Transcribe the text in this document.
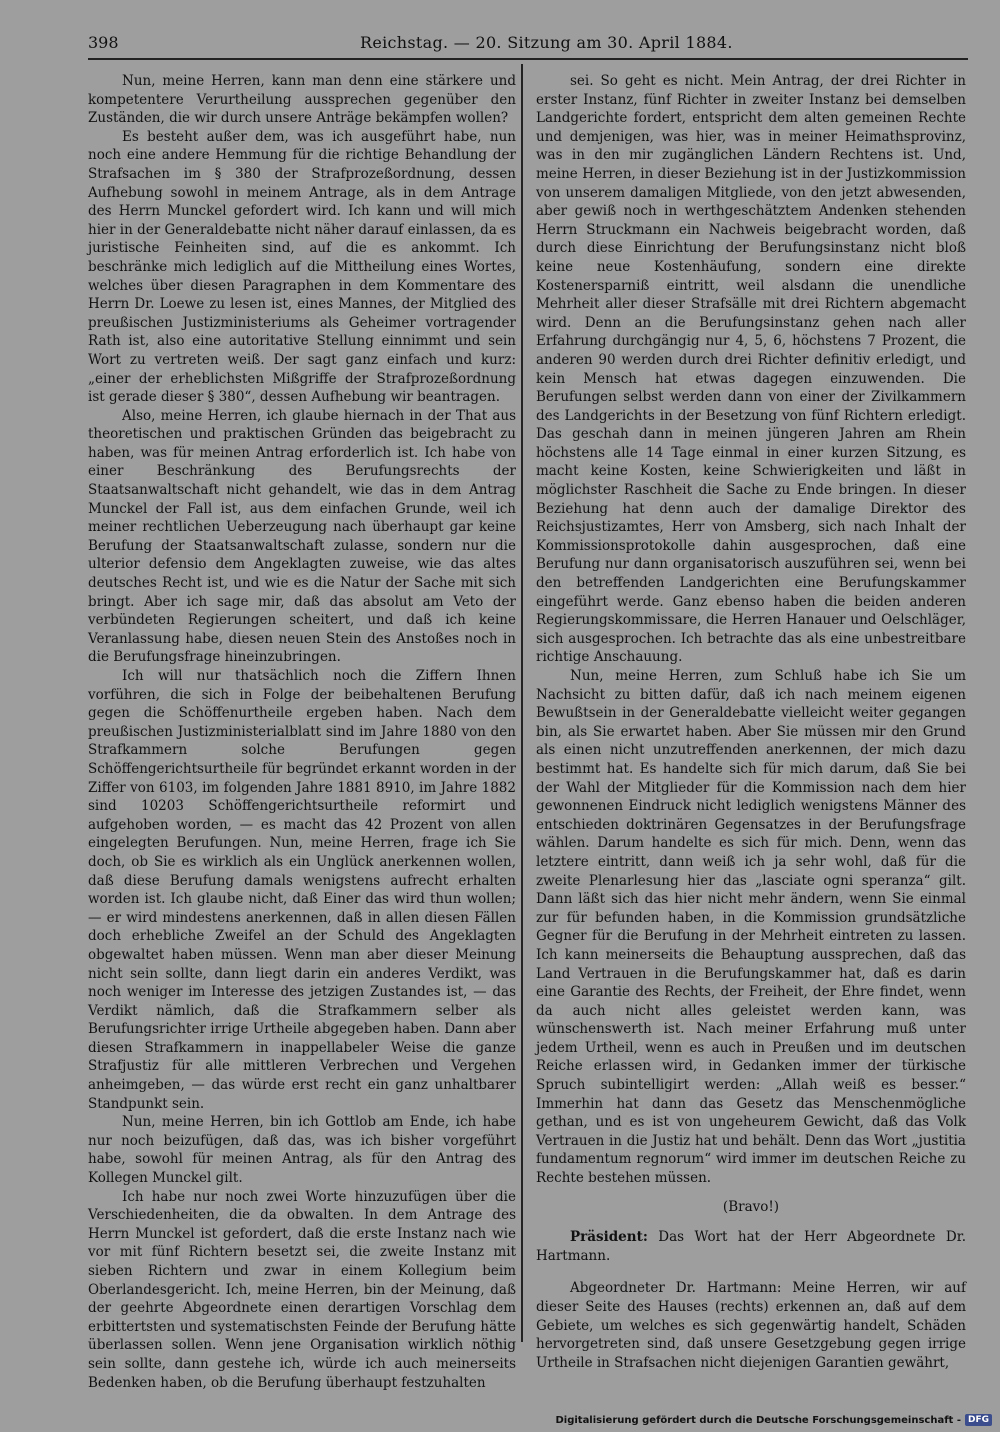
398	Reichstag. — 20. Sitzung am 30. April 1884.

Nun, meine Herren, kann man denn eine stärkere und kompetentere Verurtheilung aussprechen gegenüber den Zuständen, die wir durch unsere Anträge bekämpfen wollen?

Es besteht außer dem, was ich ausgeführt habe, nun noch eine andere Hemmung für die richtige Behandlung der Strafsachen im § 380 der Strafprozeßordnung, dessen Aufhebung sowohl in meinem Antrage, als in dem Antrage des Herrn Munckel gefordert wird. Ich kann und will mich hier in der Generaldebatte nicht näher darauf einlassen, da es juristische Feinheiten sind, auf die es ankommt. Ich beschränke mich lediglich auf die Mittheilung eines Wortes, welches über diesen Paragraphen in dem Kommentare des Herrn Dr. Loewe zu lesen ist, eines Mannes, der Mitglied des preußischen Justizministeriums als Geheimer vortragender Rath ist, also eine autoritative Stellung einnimmt und sein Wort zu vertreten weiß. Der sagt ganz einfach und kurz: „einer der erheblichsten Mißgriffe der Strafprozeßordnung ist gerade dieser § 380“, dessen Aufhebung wir beantragen.

Also, meine Herren, ich glaube hiernach in der That aus theoretischen und praktischen Gründen das beigebracht zu haben, was für meinen Antrag erforderlich ist. Ich habe von einer Beschränkung des Berufungsrechts der Staatsanwaltschaft nicht gehandelt, wie das in dem Antrag Munckel der Fall ist, aus dem einfachen Grunde, weil ich meiner rechtlichen Ueberzeugung nach überhaupt gar keine Berufung der Staatsanwaltschaft zulasse, sondern nur die ulterior defensio dem Angeklagten zuweise, wie das altes deutsches Recht ist, und wie es die Natur der Sache mit sich bringt. Aber ich sage mir, daß das absolut am Veto der verbündeten Regierungen scheitert, und daß ich keine Veranlassung habe, diesen neuen Stein des Anstoßes noch in die Berufungsfrage hineinzubringen.

Ich will nur thatsächlich noch die Ziffern Ihnen vorführen, die sich in Folge der beibehaltenen Berufung gegen die Schöffenurtheile ergeben haben. Nach dem preußischen Justizministerialblatt sind im Jahre 1880 von den Strafkammern solche Berufungen gegen Schöffengerichtsurtheile für begründet erkannt worden in der Ziffer von 6103, im folgenden Jahre 1881 8910, im Jahre 1882 sind 10203 Schöffengerichtsurtheile reformirt und aufgehoben worden, — es macht das 42 Prozent von allen eingelegten Berufungen. Nun, meine Herren, frage ich Sie doch, ob Sie es wirklich als ein Unglück anerkennen wollen, daß diese Berufung damals wenigstens aufrecht erhalten worden ist. Ich glaube nicht, daß Einer das wird thun wollen; — er wird mindestens anerkennen, daß in allen diesen Fällen doch erhebliche Zweifel an der Schuld des Angeklagten obgewaltet haben müssen. Wenn man aber dieser Meinung nicht sein sollte, dann liegt darin ein anderes Verdikt, was noch weniger im Interesse des jetzigen Zustandes ist, — das Verdikt nämlich, daß die Strafkammern selber als Berufungsrichter irrige Urtheile abgegeben haben. Dann aber diesen Strafkammern in inappellabeler Weise die ganze Strafjustiz für alle mittleren Verbrechen und Vergehen anheimgeben, — das würde erst recht ein ganz unhaltbarer Standpunkt sein.

Nun, meine Herren, bin ich Gottlob am Ende, ich habe nur noch beizufügen, daß das, was ich bisher vorgeführt habe, sowohl für meinen Antrag, als für den Antrag des Kollegen Munckel gilt.

Ich habe nur noch zwei Worte hinzuzufügen über die Verschiedenheiten, die da obwalten. In dem Antrage des Herrn Munckel ist gefordert, daß die erste Instanz nach wie vor mit fünf Richtern besetzt sei, die zweite Instanz mit sieben Richtern und zwar in einem Kollegium beim Oberlandesgericht. Ich, meine Herren, bin der Meinung, daß der geehrte Abgeordnete einen derartigen Vorschlag dem erbittertsten und systematischsten Feinde der Berufung hätte überlassen sollen. Wenn jene Organisation wirklich nöthig sein sollte, dann gestehe ich, würde ich auch meinerseits Bedenken haben, ob die Berufung überhaupt festzuhalten

sei. So geht es nicht. Mein Antrag, der drei Richter in erster Instanz, fünf Richter in zweiter Instanz bei demselben Landgerichte fordert, entspricht dem alten gemeinen Rechte und demjenigen, was hier, was in meiner Heimathsprovinz, was in den mir zugänglichen Ländern Rechtens ist. Und, meine Herren, in dieser Beziehung ist in der Justizkommission von unserem damaligen Mitgliede, von den jetzt abwesenden, aber gewiß noch in werthgeschätztem Andenken stehenden Herrn Struckmann ein Nachweis beigebracht worden, daß durch diese Einrichtung der Berufungsinstanz nicht bloß keine neue Kostenhäufung, sondern eine direkte Kostenersparniß eintritt, weil alsdann die unendliche Mehrheit aller dieser Strafsälle mit drei Richtern abgemacht wird. Denn an die Berufungsinstanz gehen nach aller Erfahrung durchgängig nur 4, 5, 6, höchstens 7 Prozent, die anderen 90 werden durch drei Richter definitiv erledigt, und kein Mensch hat etwas dagegen einzuwenden. Die Berufungen selbst werden dann von einer der Zivilkammern des Landgerichts in der Besetzung von fünf Richtern erledigt. Das geschah dann in meinen jüngeren Jahren am Rhein höchstens alle 14 Tage einmal in einer kurzen Sitzung, es macht keine Kosten, keine Schwierigkeiten und läßt in möglichster Raschheit die Sache zu Ende bringen. In dieser Beziehung hat denn auch der damalige Direktor des Reichsjustizamtes, Herr von Amsberg, sich nach Inhalt der Kommissionsprotokolle dahin ausgesprochen, daß eine Berufung nur dann organisatorisch auszuführen sei, wenn bei den betreffenden Landgerichten eine Berufungskammer eingeführt werde. Ganz ebenso haben die beiden anderen Regierungskommissare, die Herren Hanauer und Oelschläger, sich ausgesprochen. Ich betrachte das als eine unbestreitbare richtige Anschauung.

Nun, meine Herren, zum Schluß habe ich Sie um Nachsicht zu bitten dafür, daß ich nach meinem eigenen Bewußtsein in der Generaldebatte vielleicht weiter gegangen bin, als Sie erwartet haben. Aber Sie müssen mir den Grund als einen nicht unzutreffenden anerkennen, der mich dazu bestimmt hat. Es handelte sich für mich darum, daß Sie bei der Wahl der Mitglieder für die Kommission nach dem hier gewonnenen Eindruck nicht lediglich wenigstens Männer des entschieden doktrinären Gegensatzes in der Berufungsfrage wählen. Darum handelte es sich für mich. Denn, wenn das letztere eintritt, dann weiß ich ja sehr wohl, daß für die zweite Plenarlesung hier das „lasciate ogni speranza“ gilt. Dann läßt sich das hier nicht mehr ändern, wenn Sie einmal zur für befunden haben, in die Kommission grundsätzliche Gegner für die Berufung in der Mehrheit eintreten zu lassen. Ich kann meinerseits die Behauptung aussprechen, daß das Land Vertrauen in die Berufungskammer hat, daß es darin eine Garantie des Rechts, der Freiheit, der Ehre findet, wenn da auch nicht alles geleistet werden kann, was wünschenswerth ist. Nach meiner Erfahrung muß unter jedem Urtheil, wenn es auch in Preußen und im deutschen Reiche erlassen wird, in Gedanken immer der türkische Spruch subintelligirt werden: „Allah weiß es besser.“ Immerhin hat dann das Gesetz das Menschenmögliche gethan, und es ist von ungeheurem Gewicht, daß das Volk Vertrauen in die Justiz hat und behält. Denn das Wort „justitia fundamentum regnorum“ wird immer im deutschen Reiche zu Rechte bestehen müssen.

(Bravo!)

Präsident: Das Wort hat der Herr Abgeordnete Dr. Hartmann.

Abgeordneter Dr. Hartmann: Meine Herren, wir auf dieser Seite des Hauses (rechts) erkennen an, daß auf dem Gebiete, um welches es sich gegenwärtig handelt, Schäden hervorgetreten sind, daß unsere Gesetzgebung gegen irrige Urtheile in Strafsachen nicht diejenigen Garantien gewährt,

Digitalisierung gefördert durch die Deutsche Forschungsgemeinschaft - DFG
